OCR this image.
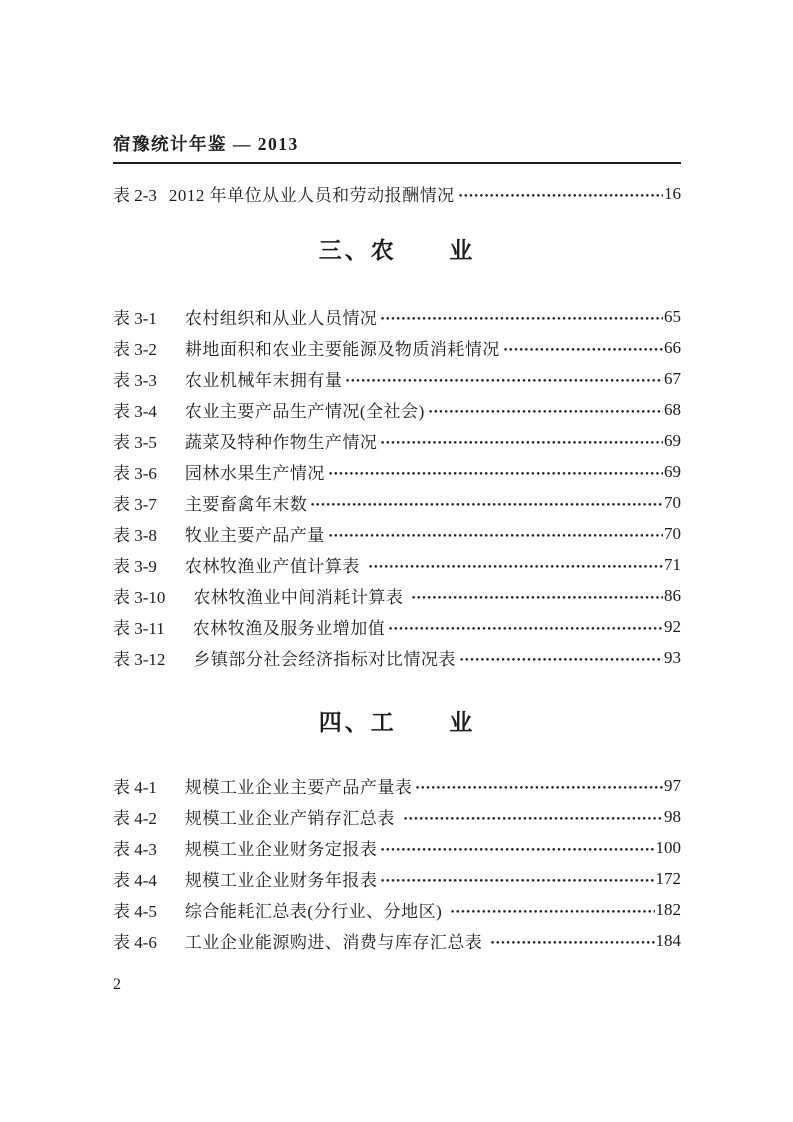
宿豫统计年鉴 — 2013
表 2-3 2012 年单位从业人员和劳动报酬情况	16
三、农      业
表 3-1 农村组织和从业人员情况	65
表 3-2 耕地面积和农业主要能源及物质消耗情况	66
表 3-3 农业机械年末拥有量	67
表 3-4 农业主要产品生产情况(全社会)	68
表 3-5 蔬菜及特种作物生产情况	69
表 3-6 园林水果生产情况	69
表 3-7 主要畜禽年末数	70
表 3-8 牧业主要产品产量	70
表 3-9 农林牧渔业产值计算表	71
表 3-10 农林牧渔业中间消耗计算表	86
表 3-11 农林牧渔及服务业增加值	92
表 3-12 乡镇部分社会经济指标对比情况表	93
四、工      业
表 4-1 规模工业企业主要产品产量表	97
表 4-2 规模工业企业产销存汇总表	98
表 4-3 规模工业企业财务定报表	100
表 4-4 规模工业企业财务年报表	172
表 4-5 综合能耗汇总表(分行业、分地区)	182
表 4-6 工业企业能源购进、消费与库存汇总表	184
2
